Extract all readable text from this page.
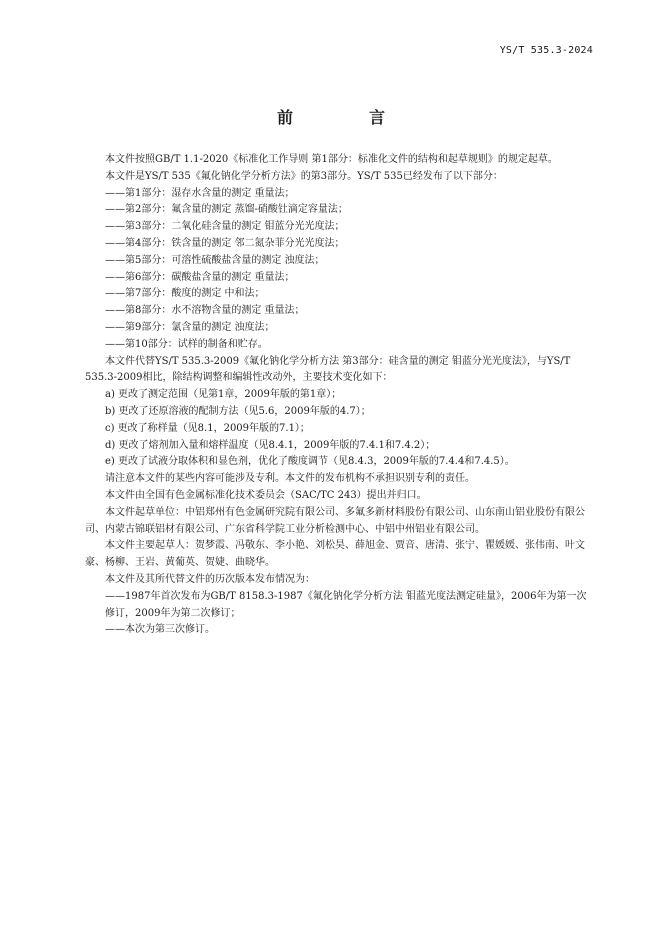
YS/T 535.3-2024
前　言

本文件按照GB/T 1.1-2020《标准化工作导则 第1部分：标准化文件的结构和起草规则》的规定起草。

本文件是YS/T 535《氟化钠化学分析方法》的第3部分。YS/T 535已经发布了以下部分：

——第1部分：湿存水含量的测定 重量法；

——第2部分：氟含量的测定 蒸馏-硝酸钍滴定容量法；

——第3部分：二氧化硅含量的测定 钼蓝分光光度法；

——第4部分：铁含量的测定 邻二氮杂菲分光光度法；

——第5部分：可溶性硫酸盐含量的测定 浊度法；

——第6部分：碳酸盐含量的测定 重量法；

——第7部分：酸度的测定 中和法；

——第8部分：水不溶物含量的测定 重量法；

——第9部分：氯含量的测定 浊度法；

——第10部分：试样的制备和贮存。

本文件代替YS/T 535.3-2009《氟化钠化学分析方法 第3部分：硅含量的测定 钼蓝分光光度法》，与YS/T 535.3-2009相比，除结构调整和编辑性改动外，主要技术变化如下：

a) 更改了测定范围（见第1章，2009年版的第1章）；

b) 更改了还原溶液的配制方法（见5.6，2009年版的4.7）；

c) 更改了称样量（见8.1，2009年版的7.1）；

d) 更改了熔剂加入量和熔样温度（见8.4.1，2009年版的7.4.1和7.4.2）；

e) 更改了试液分取体积和显色剂，优化了酸度调节（见8.4.3，2009年版的7.4.4和7.4.5）。

请注意本文件的某些内容可能涉及专利。本文件的发布机构不承担识别专利的责任。

本文件由全国有色金属标准化技术委员会（SAC/TC 243）提出并归口。

本文件起草单位：中铝郑州有色金属研究院有限公司、多氟多新材料股份有限公司、山东南山铝业股份有限公司、内蒙古锦联铝材有限公司、广东省科学院工业分析检测中心、中铝中州铝业有限公司。

本文件主要起草人：贺梦霞、冯敬东、李小艳、刘松昊、薛旭金、贾音、唐清、张宁、瞿媛媛、张伟南、叶文豪、杨柳、王岩、黄葡英、贺婕、曲晓华。

本文件及其所代替文件的历次版本发布情况为：

——1987年首次发布为GB/T 8158.3-1987《氟化钠化学分析方法 钼蓝光度法测定硅量》，2006年为第一次修订，2009年为第二次修订；

——本次为第三次修订。
